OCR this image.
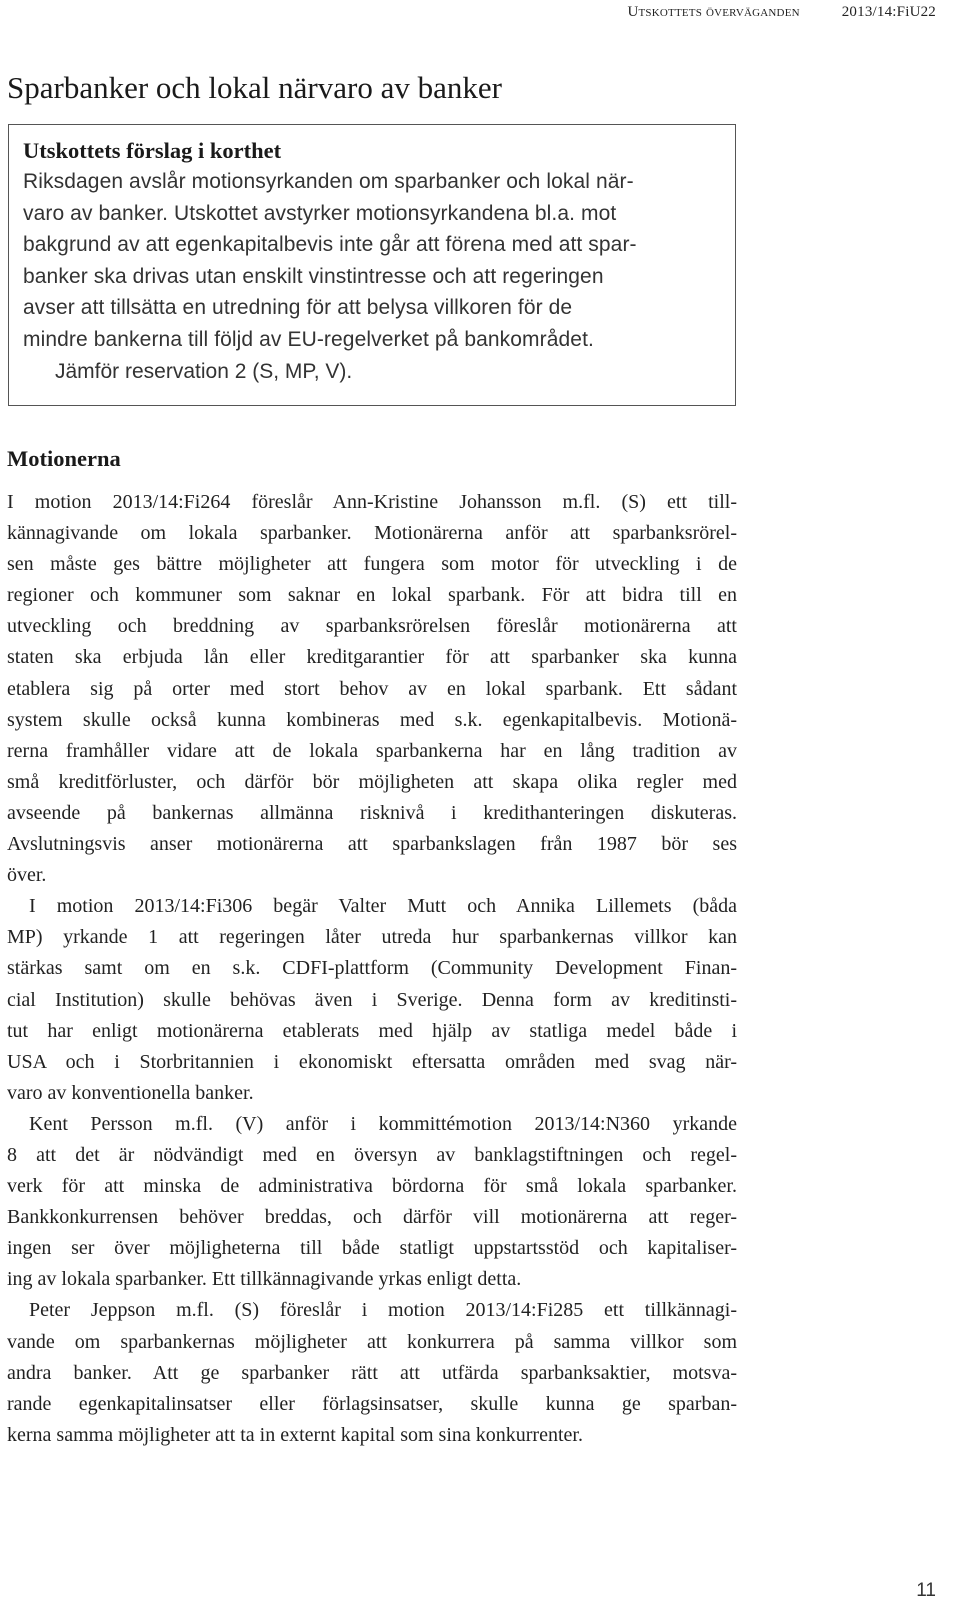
Utskottets överväganden	2013/14:FiU22
Sparbanker och lokal närvaro av banker
Utskottets förslag i korthet

Riksdagen avslår motionsyrkanden om sparbanker och lokal när-
varo av banker. Utskottet avstyrker motionsyrkandena bl.a. mot
bakgrund av att egenkapitalbevis inte går att förena med att spar-
banker ska drivas utan enskilt vinstintresse och att regeringen
avser att tillsätta en utredning för att belysa villkoren för de
mindre bankerna till följd av EU-regelverket på bankområdet.

Jämför reservation 2 (S, MP, V).

Motionerna

I motion 2013/14:Fi264 föreslår Ann-Kristine Johansson m.fl. (S) ett till-
kännagivande om lokala sparbanker. Motionärerna anför att sparbanksrörel-
sen måste ges bättre möjligheter att fungera som motor för utveckling i de
regioner och kommuner som saknar en lokal sparbank. För att bidra till en
utveckling och breddning av sparbanksrörelsen föreslår motionärerna att
staten ska erbjuda lån eller kreditgarantier för att sparbanker ska kunna
etablera sig på orter med stort behov av en lokal sparbank. Ett sådant
system skulle också kunna kombineras med s.k. egenkapitalbevis. Motionä-
rerna framhåller vidare att de lokala sparbankerna har en lång tradition av
små kreditförluster, och därför bör möjligheten att skapa olika regler med
avseende på bankernas allmänna risknivå i kredithanteringen diskuteras.
Avslutningsvis anser motionärerna att sparbankslagen från 1987 bör ses
över.

I motion 2013/14:Fi306 begär Valter Mutt och Annika Lillemets (båda
MP) yrkande 1 att regeringen låter utreda hur sparbankernas villkor kan
stärkas samt om en s.k. CDFI-plattform (Community Development Finan-
cial Institution) skulle behövas även i Sverige. Denna form av kreditinsti-
tut har enligt motionärerna etablerats med hjälp av statliga medel både i
USA och i Storbritannien i ekonomiskt eftersatta områden med svag när-
varo av konventionella banker.

Kent Persson m.fl. (V) anför i kommittémotion 2013/14:N360 yrkande
8 att det är nödvändigt med en översyn av banklagstiftningen och regel-
verk för att minska de administrativa bördorna för små lokala sparbanker.
Bankkonkurrensen behöver breddas, och därför vill motionärerna att reger-
ingen ser över möjligheterna till både statligt uppstartsstöd och kapitaliser-
ing av lokala sparbanker. Ett tillkännagivande yrkas enligt detta.

Peter Jeppson m.fl. (S) föreslår i motion 2013/14:Fi285 ett tillkännagi-
vande om sparbankernas möjligheter att konkurrera på samma villkor som
andra banker. Att ge sparbanker rätt att utfärda sparbanksaktier, motsva-
rande egenkapitalinsatser eller förlagsinsatser, skulle kunna ge sparban-
kerna samma möjligheter att ta in externt kapital som sina konkurrenter.

11
